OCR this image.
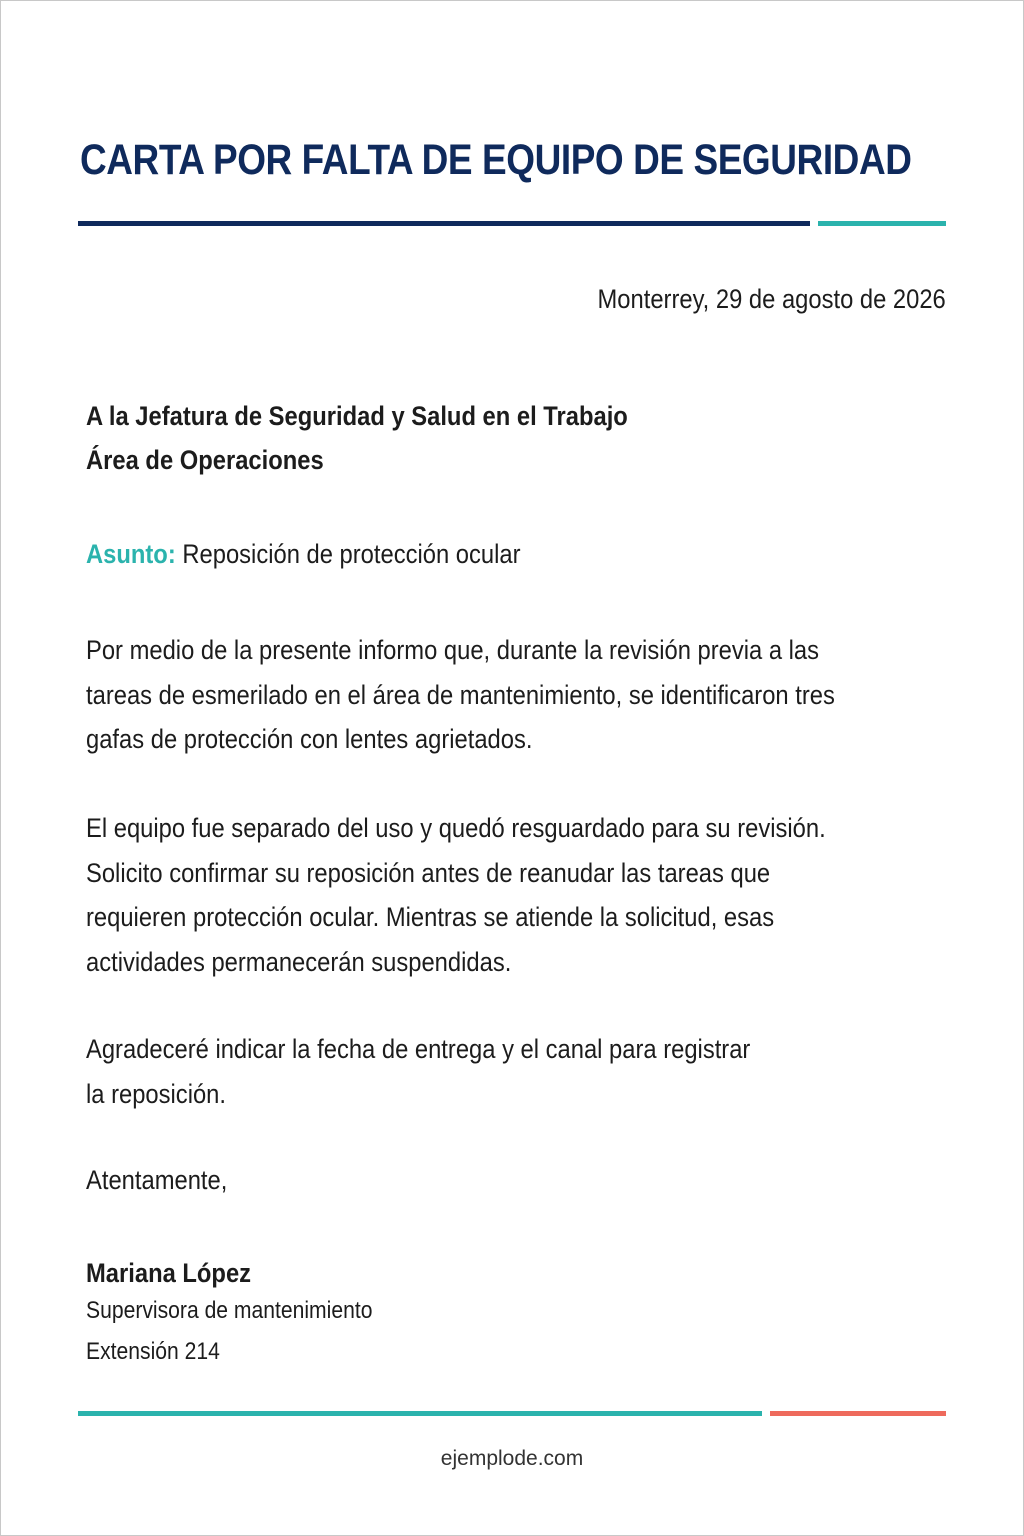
CARTA POR FALTA DE EQUIPO DE SEGURIDAD
Monterrey, 29 de agosto de 2026
A la Jefatura de Seguridad y Salud en el Trabajo
Área de Operaciones
Asunto: Reposición de protección ocular
Por medio de la presente informo que, durante la revisión previa a las
tareas de esmerilado en el área de mantenimiento, se identificaron tres
gafas de protección con lentes agrietados.
El equipo fue separado del uso y quedó resguardado para su revisión.
Solicito confirmar su reposición antes de reanudar las tareas que
requieren protección ocular. Mientras se atiende la solicitud, esas
actividades permanecerán suspendidas.
Agradeceré indicar la fecha de entrega y el canal para registrar
la reposición.
Atentamente,
Mariana López
Supervisora de mantenimiento
Extensión 214
ejemplode.com
